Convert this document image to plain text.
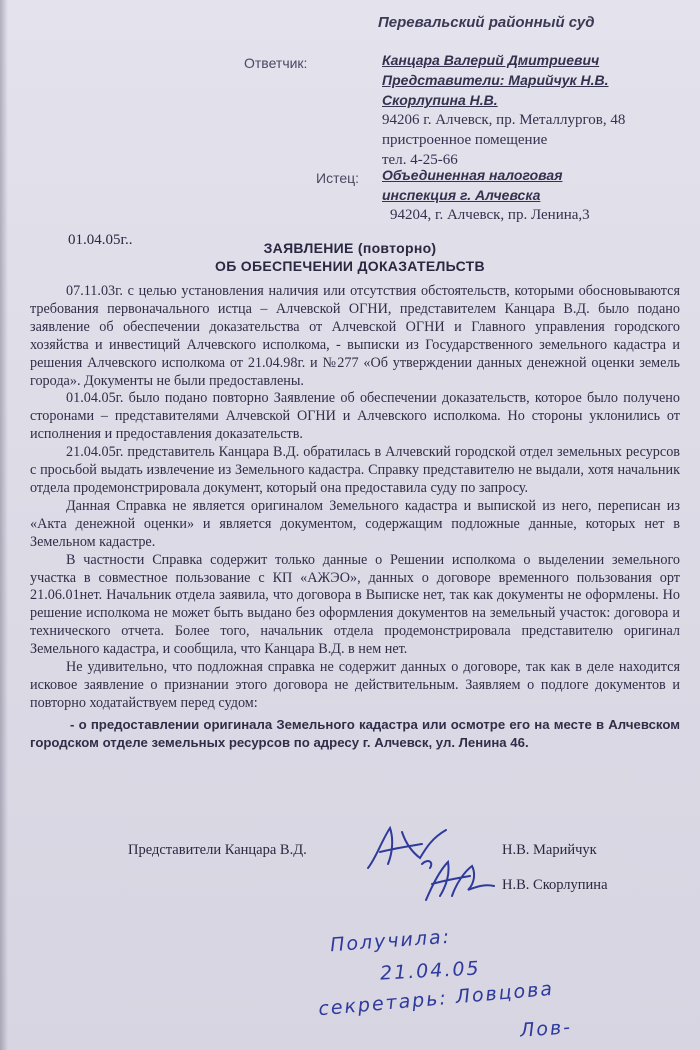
Перевальский районный суд
Ответчик:	Канцара Валерий Дмитриевич
Представители: Марийчук Н.В.
Скорлупина Н.В.
94206 г. Алчевск, пр. Металлургов, 48
пристроенное помещение
тел. 4-25-66
Истец: Объединенная налоговая
инспекция г. Алчевска
94204, г. Алчевск, пр. Ленина,3
01.04.05г..	ЗАЯВЛЕНИЕ (повторно)
ОБ ОБЕСПЕЧЕНИИ ДОКАЗАТЕЛЬСТВ

07.11.03г. с целью установления наличия или отсутствия обстоятельств, которыми обосновываются требования первоначального истца – Алчевской ОГНИ, представителем Канцара В.Д. было подано заявление об обеспечении доказательства от Алчевской ОГНИ и Главного управления городского хозяйства и инвестиций Алчевского исполкома, - выписки из Государственного земельного кадастра и решения Алчевского исполкома от 21.04.98г. и №277 «Об утверждении данных денежной оценки земель города». Документы не были предоставлены.

01.04.05г. было подано повторно Заявление об обеспечении доказательств, которое было получено сторонами – представителями Алчевской ОГНИ и Алчевского исполкома. Но стороны уклонились от исполнения и предоставления доказательств.

21.04.05г. представитель Канцара В.Д. обратилась в Алчевский городской отдел земельных ресурсов с просьбой выдать извлечение из Земельного кадастра. Справку представителю не выдали, хотя начальник отдела продемонстрировала документ, который она предоставила суду по запросу.

Данная Справка не является оригиналом Земельного кадастра и выпиской из него, переписан из «Акта денежной оценки» и является документом, содержащим подложные данные, которых нет в Земельном кадастре.

В частности Справка содержит только данные о Решении исполкома о выделении земельного участка в совместное пользование с КП «АЖЭО», данных о договоре временного пользования орт 21.06.01нет. Начальник отдела заявила, что договора в Выписке нет, так как документы не оформлены. Но решение исполкома не может быть выдано без оформления документов на земельный участок: договора и технического отчета. Более того, начальник отдела продемонстрировала представителю оригинал Земельного кадастра, и сообщила, что Канцара В.Д. в нем нет.

Не удивительно, что подложная справка не содержит данных о договоре, так как в деле находится исковое заявление о признании этого договора не действительным. Заявляем о подлоге документов и повторно ходатайствуем перед судом:

- о предоставлении оригинала Земельного кадастра или осмотре его на месте в Алчевском городском отделе земельных ресурсов по адресу г. Алчевск, ул. Ленина 46.

Представители Канцара В.Д.	Н.В. Марийчук
Н.В. Скорлупина
Получила:
21.04.05
секретарь: Ловцова
Лов-
